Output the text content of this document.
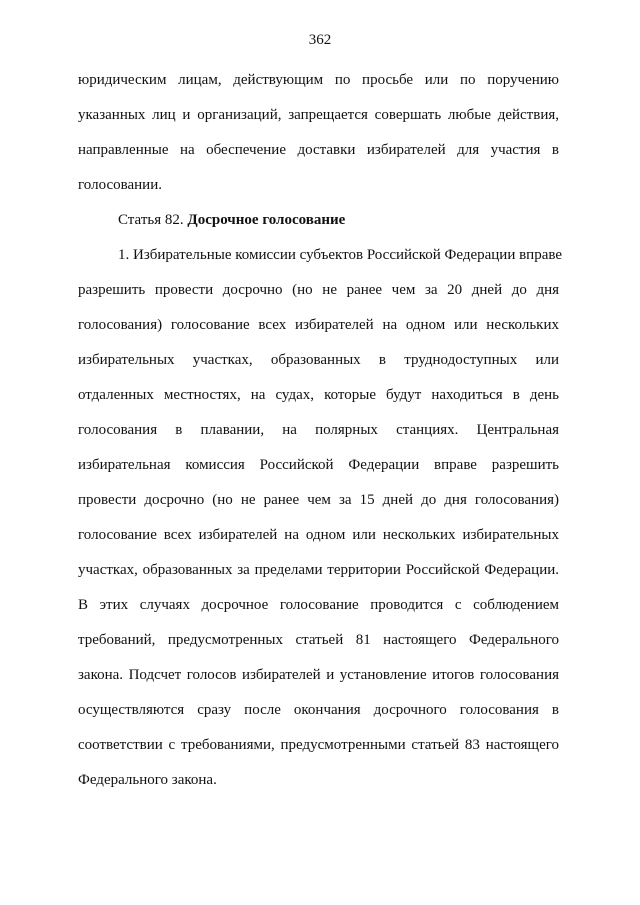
362
юридическим лицам, действующим по просьбе или по поручению
указанных лиц и организаций, запрещается совершать любые действия,
направленные на обеспечение доставки избирателей для участия в
голосовании.
Статья 82. Досрочное голосование
1. Избирательные комиссии субъектов Российской Федерации вправе
разрешить провести досрочно (но не ранее чем за 20 дней до дня
голосования) голосование всех избирателей на одном или нескольких
избирательных участках, образованных в труднодоступных или
отдаленных местностях, на судах, которые будут находиться в день
голосования в плавании, на полярных станциях. Центральная
избирательная комиссия Российской Федерации вправе разрешить
провести досрочно (но не ранее чем за 15 дней до дня голосования)
голосование всех избирателей на одном или нескольких избирательных
участках, образованных за пределами территории Российской Федерации.
В этих случаях досрочное голосование проводится с соблюдением
требований, предусмотренных статьей 81 настоящего Федерального
закона. Подсчет голосов избирателей и установление итогов голосования
осуществляются сразу после окончания досрочного голосования в
соответствии с требованиями, предусмотренными статьей 83 настоящего
Федерального закона.
